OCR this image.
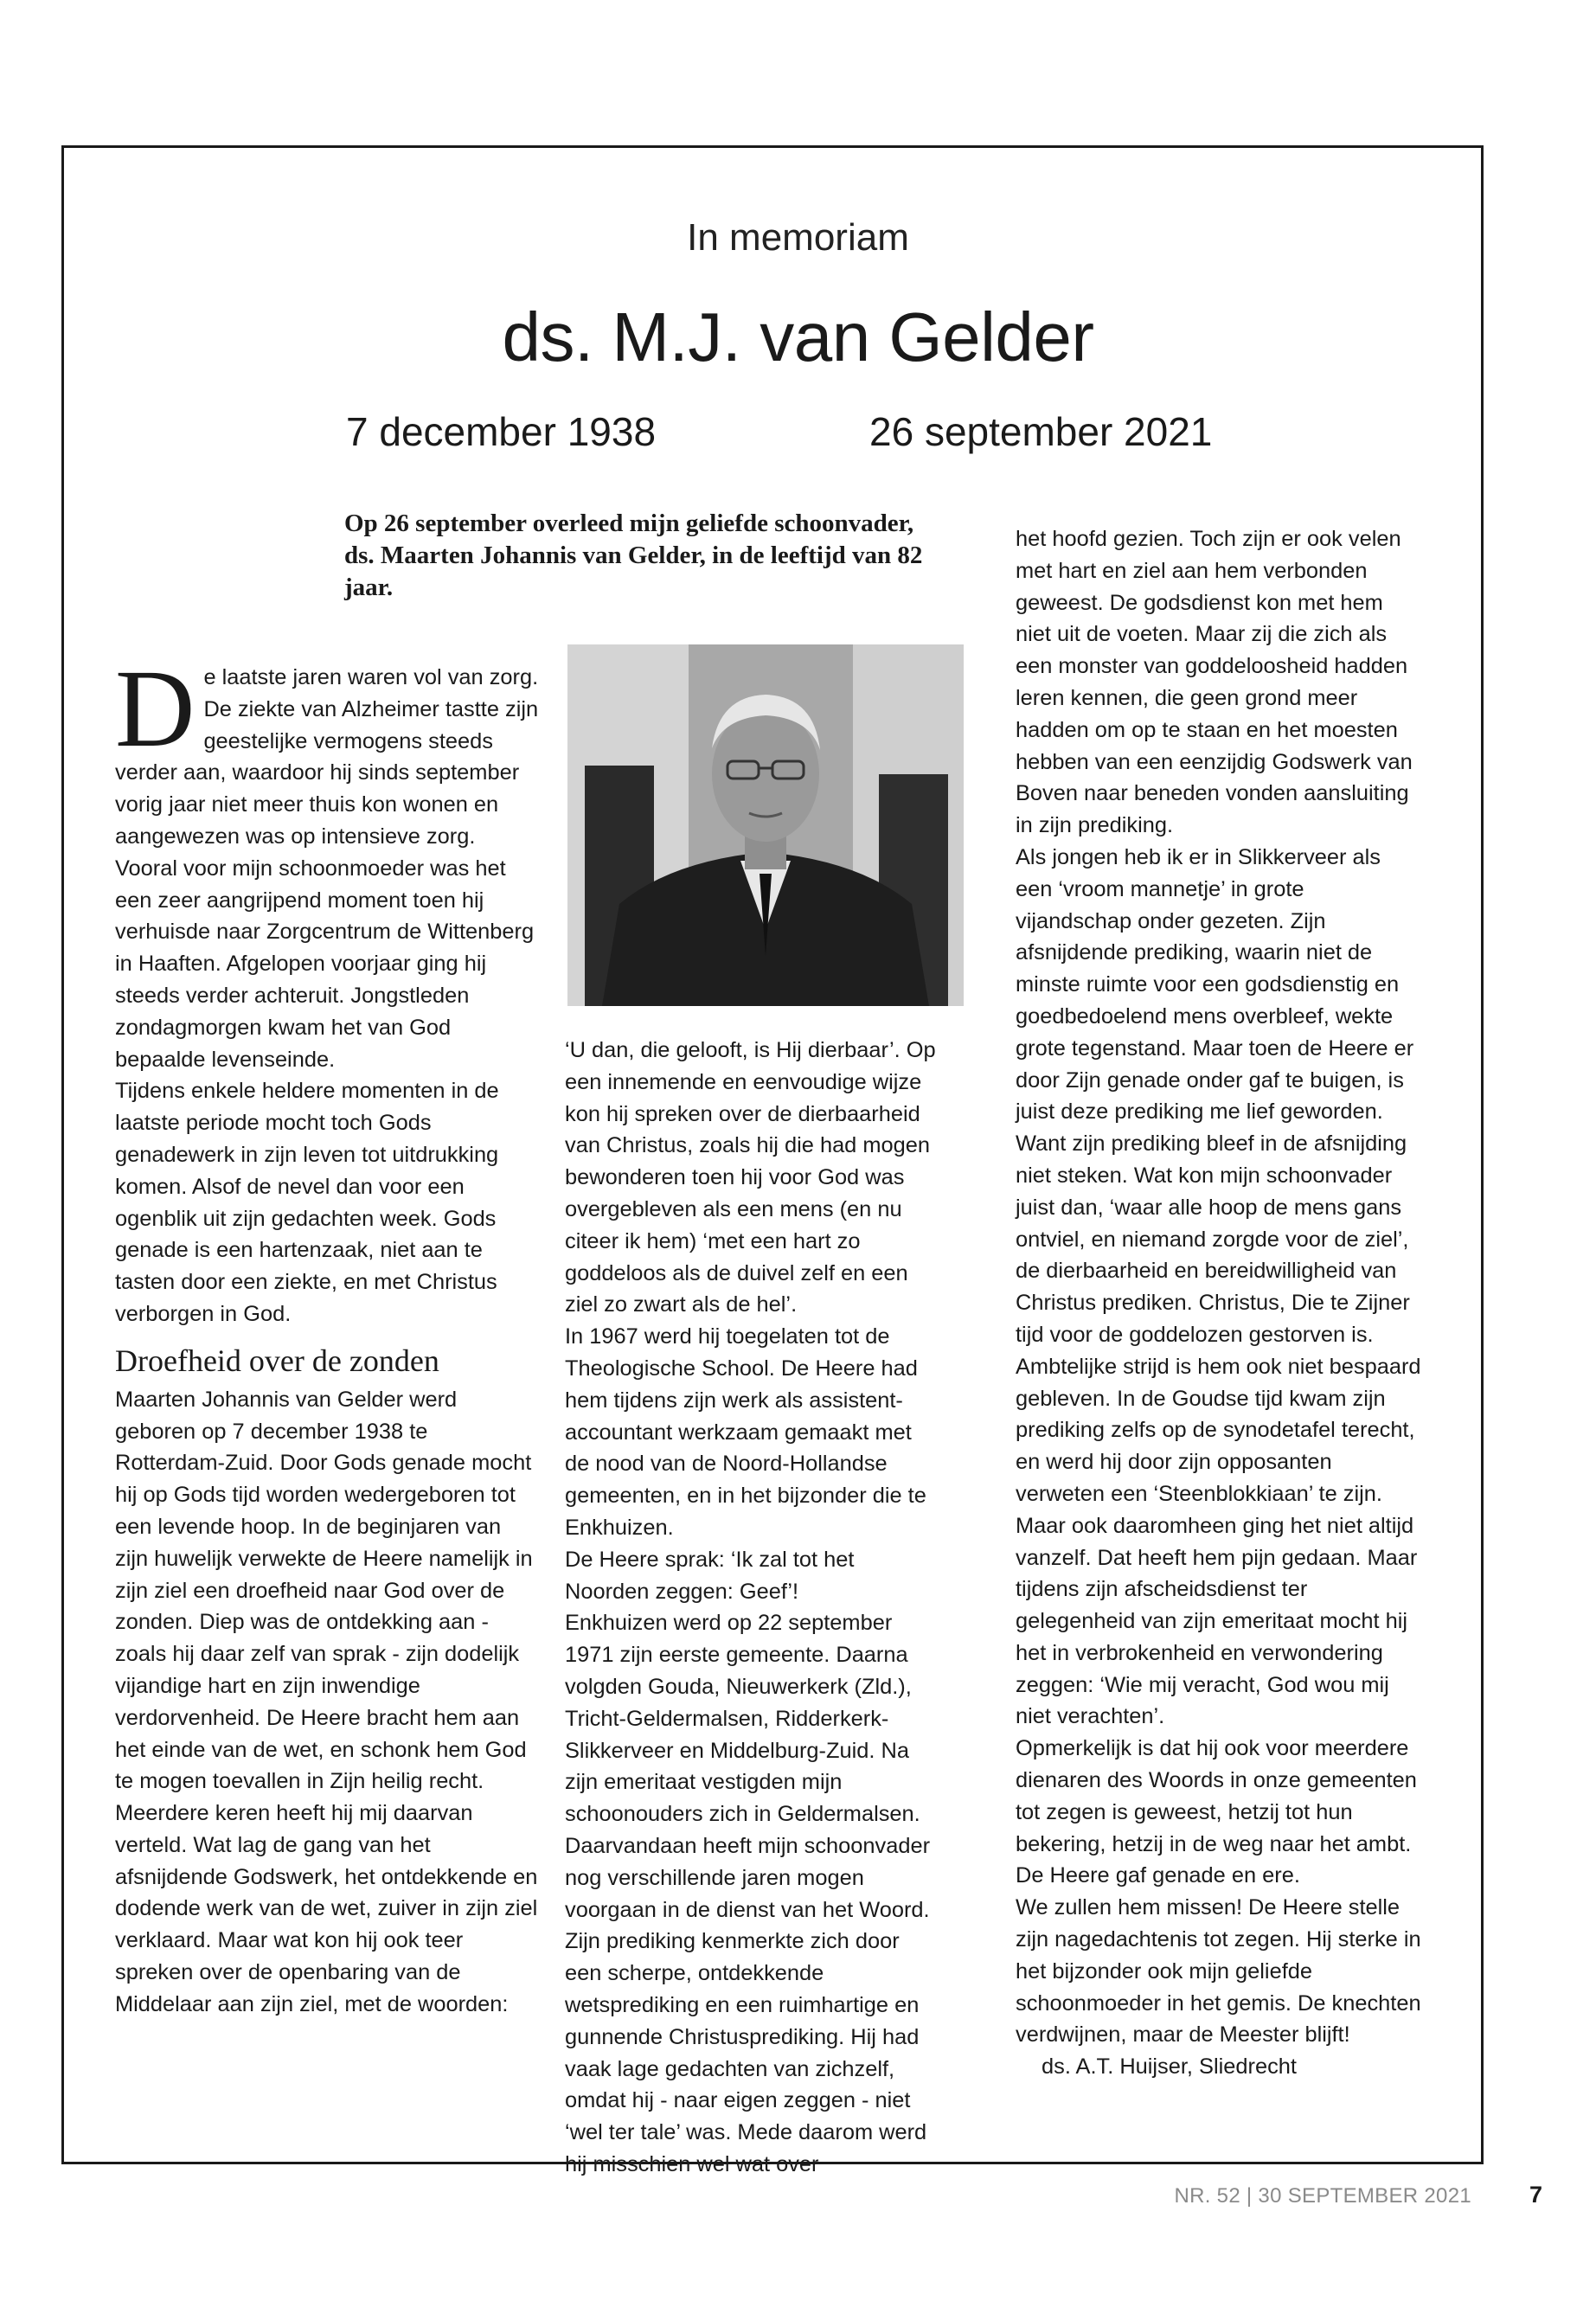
In memoriam
ds. M.J. van Gelder
7 december 1938	26 september 2021
Op 26 september overleed mijn geliefde schoonvader, ds. Maarten Johannis van Gelder, in de leeftijd van 82 jaar.

De laatste jaren waren vol van zorg. De ziekte van Alzheimer tastte zijn geestelijke vermogens steeds verder aan, waardoor hij sinds september vorig jaar niet meer thuis kon wonen en aangewezen was op intensieve zorg. Vooral voor mijn schoonmoeder was het een zeer aangrijpend moment toen hij verhuisde naar Zorgcentrum de Wittenberg in Haaften. Afgelopen voorjaar ging hij steeds verder achteruit. Jongstleden zondagmorgen kwam het van God bepaalde levenseinde.

Tijdens enkele heldere momenten in de laatste periode mocht toch Gods genadewerk in zijn leven tot uitdrukking komen. Alsof de nevel dan voor een ogenblik uit zijn gedachten week. Gods genade is een hartenzaak, niet aan te tasten door een ziekte, en met Christus verborgen in God.

Droefheid over de zonden

Maarten Johannis van Gelder werd geboren op 7 december 1938 te Rotterdam-Zuid. Door Gods genade mocht hij op Gods tijd worden wedergeboren tot een levende hoop. In de beginjaren van zijn huwelijk verwekte de Heere namelijk in zijn ziel een droefheid naar God over de zonden. Diep was de ontdekking aan - zoals hij daar zelf van sprak - zijn dodelijk vijandige hart en zijn inwendige verdorvenheid. De Heere bracht hem aan het einde van de wet, en schonk hem God te mogen toevallen in Zijn heilig recht.

Meerdere keren heeft hij mij daarvan verteld. Wat lag de gang van het afsnijdende Godswerk, het ontdekkende en dodende werk van de wet, zuiver in zijn ziel verklaard. Maar wat kon hij ook teer spreken over de openbaring van de Middelaar aan zijn ziel, met de woorden:

‘U dan, die gelooft, is Hij dierbaar’. Op een innemende en eenvoudige wijze kon hij spreken over de dierbaarheid van Christus, zoals hij die had mogen bewonderen toen hij voor God was overgebleven als een mens (en nu citeer ik hem) ‘met een hart zo goddeloos als de duivel zelf en een ziel zo zwart als de hel’.

In 1967 werd hij toegelaten tot de Theologische School. De Heere had hem tijdens zijn werk als assistent-accountant werkzaam gemaakt met de nood van de Noord-Hollandse gemeenten, en in het bijzonder die te Enkhuizen.

De Heere sprak: ‘Ik zal tot het Noorden zeggen: Geef’!

Enkhuizen werd op 22 september 1971 zijn eerste gemeente. Daarna volgden Gouda, Nieuwerkerk (Zld.), Tricht-Geldermalsen, Ridderkerk-Slikkerveer en Middelburg-Zuid. Na zijn emeritaat vestigden mijn schoonouders zich in Geldermalsen. Daarvandaan heeft mijn schoonvader nog verschillende jaren mogen voorgaan in de dienst van het Woord.

Zijn prediking kenmerkte zich door een scherpe, ontdekkende wetsprediking en een ruimhartige en gunnende Christusprediking. Hij had vaak lage gedachten van zichzelf, omdat hij - naar eigen zeggen - niet ‘wel ter tale’ was. Mede daarom werd hij misschien wel wat over

het hoofd gezien. Toch zijn er ook velen met hart en ziel aan hem verbonden geweest. De godsdienst kon met hem niet uit de voeten. Maar zij die zich als een monster van goddeloosheid hadden leren kennen, die geen grond meer hadden om op te staan en het moesten hebben van een eenzijdig Godswerk van Boven naar beneden vonden aansluiting in zijn prediking.

Als jongen heb ik er in Slikkerveer als een ‘vroom mannetje’ in grote vijandschap onder gezeten. Zijn afsnijdende prediking, waarin niet de minste ruimte voor een godsdienstig en goedbedoelend mens overbleef, wekte grote tegenstand. Maar toen de Heere er door Zijn genade onder gaf te buigen, is juist deze prediking me lief geworden. Want zijn prediking bleef in de afsnijding niet steken. Wat kon mijn schoonvader juist dan, ‘waar alle hoop de mens gans ontviel, en niemand zorgde voor de ziel’, de dierbaarheid en bereidwilligheid van Christus prediken. Christus, Die te Zijner tijd voor de goddelozen gestorven is. Ambtelijke strijd is hem ook niet bespaard gebleven. In de Goudse tijd kwam zijn prediking zelfs op de synodetafel terecht, en werd hij door zijn opposanten verweten een ‘Steenblokkiaan’ te zijn. Maar ook daaromheen ging het niet altijd vanzelf. Dat heeft hem pijn gedaan. Maar tijdens zijn afscheidsdienst ter gelegenheid van zijn emeritaat mocht hij het in verbrokenheid en verwondering zeggen: ‘Wie mij veracht, God wou mij niet verachten’.

Opmerkelijk is dat hij ook voor meerdere dienaren des Woords in onze gemeenten tot zegen is geweest, hetzij tot hun bekering, hetzij in de weg naar het ambt. De Heere gaf genade en ere.

We zullen hem missen! De Heere stelle zijn nagedachtenis tot zegen. Hij sterke in het bijzonder ook mijn geliefde schoonmoeder in het gemis. De knechten verdwijnen, maar de Meester blijft!

ds. A.T. Huijser, Sliedrecht

NR. 52 | 30 SEPTEMBER 2021 7
